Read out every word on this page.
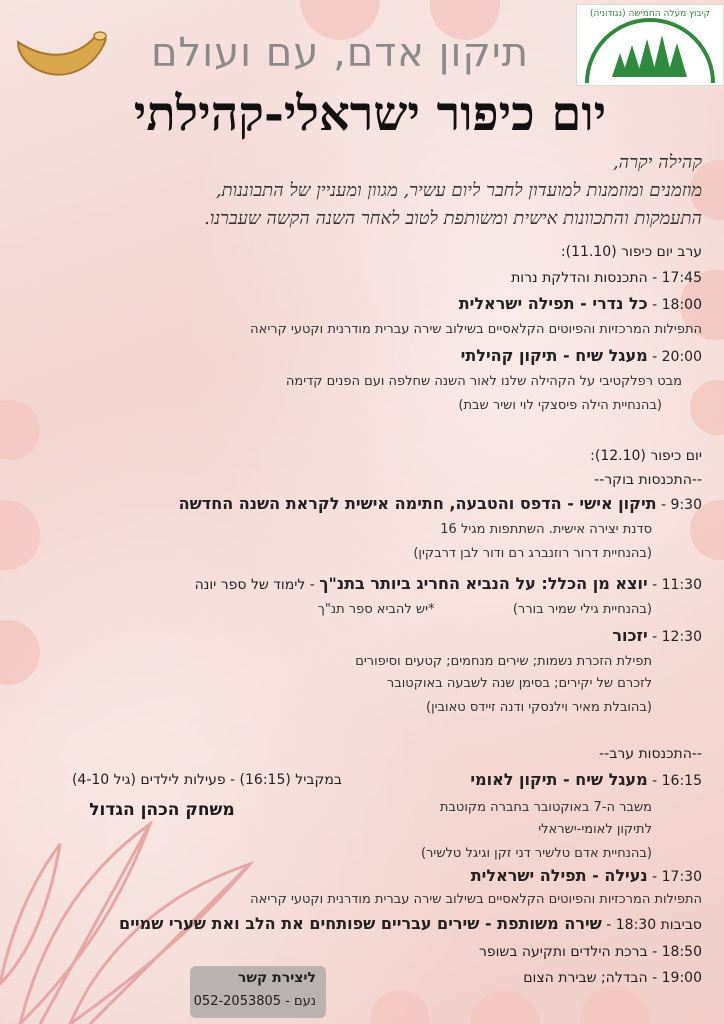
קיבוץ מעלה החמישה (נגודוניה)
תיקון אדם, עם ועולם
יום כיפור ישראלי-קהילתי
קהילה יקרה,
מוזמנים ומוזמנות למועדון לחבר ליום עשיר, מגוון ומעניין של התבוננות,
התעמקות והתכוונות אישית ומשותפת לטוב לאחר השנה הקשה שעברנו.
ערב יום כיפור (11.10):
17:45 - התכנסות והדלקת נרות
18:00 - כל נדרי - תפילה ישראלית
התפילות המרכזיות והפיוטים הקלאסיים בשילוב שירה עברית מודרנית וקטעי קריאה
20:00 - מעגל שיח - תיקון קהילתי
מבט רפלקטיבי על הקהילה שלנו לאור השנה שחלפה ועם הפנים קדימה
(בהנחיית הילה פיסצקי לוי ושיר שבת)
יום כיפור (12.10):
--התכנסות בוקר--
9:30 - תיקון אישי - הדפס והטבעה, חתימה אישית לקראת השנה החדשה
סדנת יצירה אישית. השתתפות מגיל 16
(בהנחיית דרור רוזנברג רם ודור לבן דרבקין)
11:30 - יוצא מן הכלל: על הנביא החריג ביותר בתנ"ך - לימוד של ספר יונה
(בהנחיית גילי שמיר בורר)  *יש להביא ספר תנ"ך
12:30 - יזכור
תפילת הזכרת נשמות; שירים מנחמים; קטעים וסיפורים
לזכרם של יקירים; בסימן שנה לשבעה באוקטובר
(בהובלת מאיר וילנסקי ודנה זיידס טאובין)
--התכנסות ערב--
16:15 - מעגל שיח - תיקון לאומי
משבר ה-7 באוקטובר בחברה מקוטבת
לתיקון לאומי-ישראלי
(בהנחיית אדם טלשיר דני זקן וגיגל טלשיר)
במקביל (16:15) - פעילות לילדים (גיל 4-10)
משחק הכהן הגדול
17:30 - נעילה - תפילה ישראלית
התפילות המרכזיות והפיוטים הקלאסיים בשילוב שירה עברית מודרנית וקטעי קריאה
סביבות 18:30 - שירה משותפת - שירים עבריים שפותחים את הלב ואת שערי שמיים
18:50 - ברכת הילדים ותקיעה בשופר
19:00 - הבדלה; שבירת הצום
ליצירת קשר
נעם - 052-2053805
